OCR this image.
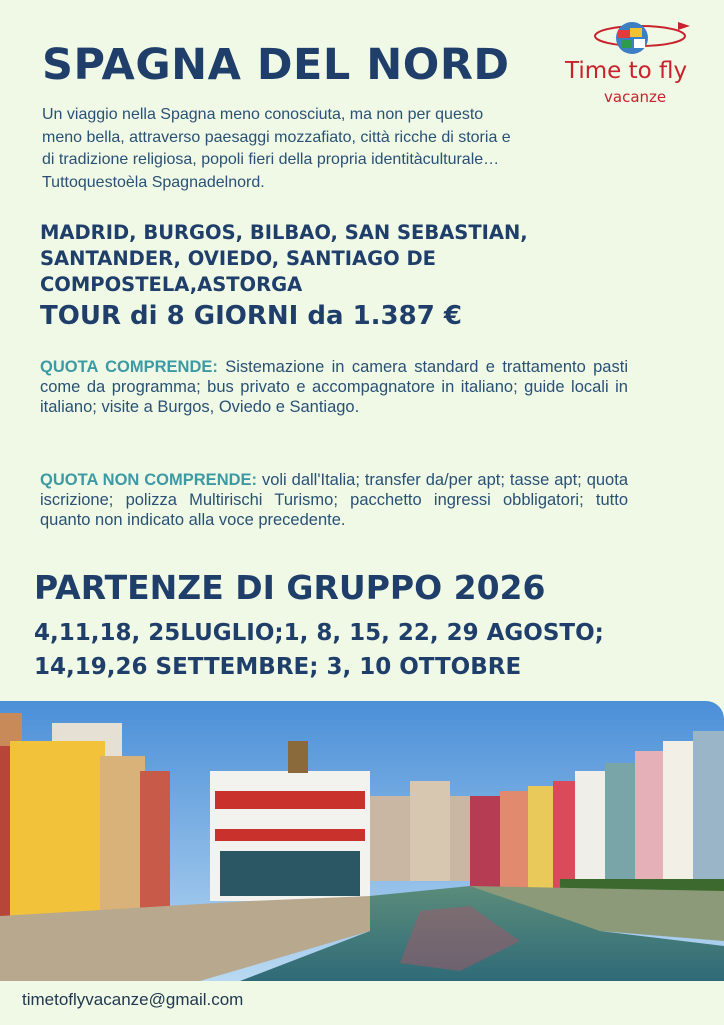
SPAGNA DEL NORD Time to fly
vacanze
Un viaggio nella Spagna meno conosciuta, ma non per questo meno bella, attraverso paesaggi mozzafiato, città ricche di storia e di tradizione religiosa, popoli fieri della propria identitàculturale…Tuttoquestoèla Spagnadelnord.
MADRID, BURGOS, BILBAO, SAN SEBASTIAN, SANTANDER, OVIEDO, SANTIAGO DE COMPOSTELA,ASTORGA
TOUR di 8 GIORNI da 1.387 €
QUOTA COMPRENDE: Sistemazione in camera standard e trattamento pasti come da programma; bus privato e accompagnatore in italiano; guide locali in italiano; visite a Burgos, Oviedo e Santiago.
QUOTA NON COMPRENDE: voli dall'Italia; transfer da/per apt; tasse apt; quota iscrizione; polizza Multirischi Turismo; pacchetto ingressi obbligatori; tutto quanto non indicato alla voce precedente.
PARTENZE DI GRUPPO 2026
4,11,18, 25LUGLIO;1, 8, 15, 22, 29 AGOSTO;
14,19,26 SETTEMBRE; 3, 10 OTTOBRE
timetoflyvacanze@gmail.com
